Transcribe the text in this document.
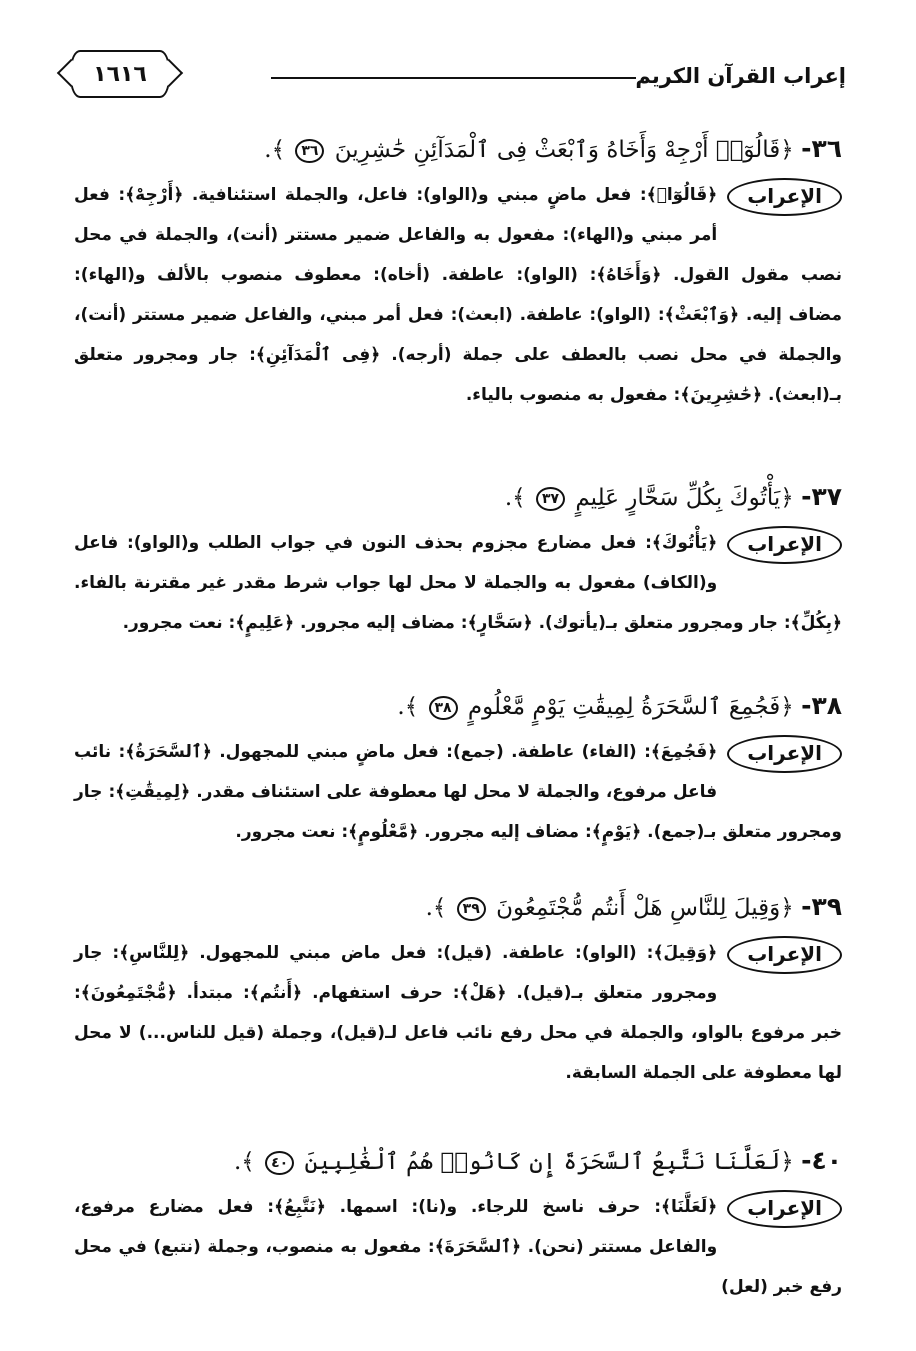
إعراب القرآن الكريم
١٦١٦
٣٦- ﴿قَالُوٓا۟ أَرْجِهْ وَأَخَاهُ وَٱبْعَثْ فِى ٱلْمَدَآئِنِ حَٰشِرِينَ ٣٦ ﴾.
الإعراب
﴿قَالُوٓا۟﴾: فعل ماضٍ مبني و(الواو): فاعل، والجملة استئنافية. ﴿أَرْجِهْ﴾: فعل أمر مبني و(الهاء): مفعول به والفاعل ضمير مستتر (أنت)، والجملة في محل نصب مقول القول. ﴿وَأَخَاهُ﴾: (الواو): عاطفة. (أخاه): معطوف منصوب بالألف و(الهاء): مضاف إليه. ﴿وَٱبْعَثْ﴾: (الواو): عاطفة. (ابعث): فعل أمر مبني، والفاعل ضمير مستتر (أنت)، والجملة في محل نصب بالعطف على جملة (أرجه). ﴿فِى ٱلْمَدَآئِنِ﴾: جار ومجرور متعلق بـ(ابعث). ﴿حَٰشِرِينَ﴾: مفعول به منصوب بالياء.
٣٧- ﴿يَأْتُوكَ بِكُلِّ سَحَّارٍ عَلِيمٍ ٣٧ ﴾.
الإعراب
﴿يَأْتُوكَ﴾: فعل مضارع مجزوم بحذف النون في جواب الطلب و(الواو): فاعل و(الكاف) مفعول به والجملة لا محل لها جواب شرط مقدر غير مقترنة بالفاء. ﴿بِكُلِّ﴾: جار ومجرور متعلق بـ(يأتوك). ﴿سَحَّارٍ﴾: مضاف إليه مجرور. ﴿عَلِيمٍ﴾: نعت مجرور.
٣٨- ﴿فَجُمِعَ ٱلسَّحَرَةُ لِمِيقَٰتِ يَوْمٍ مَّعْلُومٍ ٣٨ ﴾.
الإعراب
﴿فَجُمِعَ﴾: (الفاء) عاطفة. (جمع): فعل ماضٍ مبني للمجهول. ﴿ٱلسَّحَرَةُ﴾: نائب فاعل مرفوع، والجملة لا محل لها معطوفة على استئناف مقدر. ﴿لِمِيقَٰتِ﴾: جار ومجرور متعلق بـ(جمع). ﴿يَوْمٍ﴾: مضاف إليه مجرور. ﴿مَّعْلُومٍ﴾: نعت مجرور.
٣٩- ﴿وَقِيلَ لِلنَّاسِ هَلْ أَنتُم مُّجْتَمِعُونَ ٣٩ ﴾.
الإعراب
﴿وَقِيلَ﴾: (الواو): عاطفة. (قيل): فعل ماض مبني للمجهول. ﴿لِلنَّاسِ﴾: جار ومجرور متعلق بـ(قيل). ﴿هَلْ﴾: حرف استفهام. ﴿أَنتُم﴾: مبتدأ. ﴿مُّجْتَمِعُونَ﴾: خبر مرفوع بالواو، والجملة في محل رفع نائب فاعل لـ(قيل)، وجملة (قيل للناس...) لا محل لها معطوفة على الجملة السابقة.
٤٠- ﴿لَعَلَّنَا نَتَّبِعُ ٱلسَّحَرَةَ إِن كَانُوا۟ هُمُ ٱلْغَٰلِبِينَ ٤٠ ﴾.
الإعراب
﴿لَعَلَّنَا﴾: حرف ناسخ للرجاء. و(نا): اسمها. ﴿نَتَّبِعُ﴾: فعل مضارع مرفوع، والفاعل مستتر (نحن). ﴿ٱلسَّحَرَةَ﴾: مفعول به منصوب، وجملة (نتبع) في محل رفع خبر (لعل)
